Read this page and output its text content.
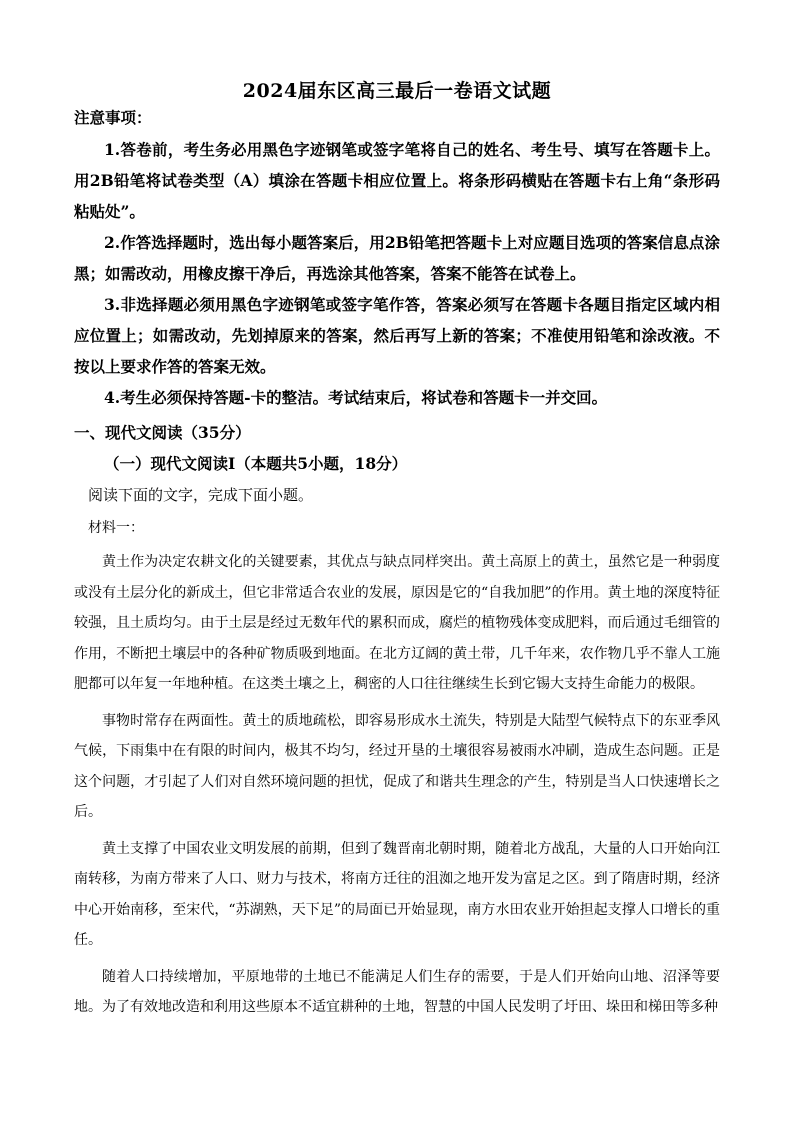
2024届东区高三最后一卷语文试题
注意事项：

1.答卷前，考生务必用黑色字迹钢笔或签字笔将自己的姓名、考生号、填写在答题卡上。用2B铅笔将试卷类型（A）填涂在答题卡相应位置上。将条形码横贴在答题卡右上角“条形码粘贴处”。

2.作答选择题时，选出每小题答案后，用2B铅笔把答题卡上对应题目选项的答案信息点涂黑；如需改动，用橡皮擦干净后，再选涂其他答案，答案不能答在试卷上。

3.非选择题必须用黑色字迹钢笔或签字笔作答，答案必须写在答题卡各题目指定区域内相应位置上；如需改动，先划掉原来的答案，然后再写上新的答案；不准使用铅笔和涂改液。不按以上要求作答的答案无效。

4.考生必须保持答题-卡的整洁。考试结束后，将试卷和答题卡一并交回。

一、现代文阅读（35分）
（一）现代文阅读Ⅰ（本题共5小题，18分）
阅读下面的文字，完成下面小题。
材料一：

黄土作为决定农耕文化的关键要素，其优点与缺点同样突出。黄土高原上的黄土，虽然它是一种弱度或没有土层分化的新成土，但它非常适合农业的发展，原因是它的“自我加肥”的作用。黄土地的深度特征较强，且土质均匀。由于土层是经过无数年代的累积而成，腐烂的植物残体变成肥料，而后通过毛细管的作用，不断把土壤层中的各种矿物质吸到地面。在北方辽阔的黄土带，几千年来，农作物几乎不靠人工施肥都可以年复一年地种植。在这类土壤之上，稠密的人口往往继续生长到它锡大支持生命能力的极限。

事物时常存在两面性。黄土的质地疏松，即容易形成水土流失，特别是大陆型气候特点下的东亚季风气候，下雨集中在有限的时间内，极其不均匀，经过开垦的土壤很容易被雨水冲刷，造成生态问题。正是这个问题，才引起了人们对自然环境问题的担忧，促成了和谐共生理念的产生，特别是当人口快速增长之后。

黄土支撑了中国农业文明发展的前期，但到了魏晋南北朝时期，随着北方战乱，大量的人口开始向江南转移，为南方带来了人口、财力与技术，将南方迁往的沮洳之地开发为富足之区。到了隋唐时期，经济中心开始南移，至宋代，“苏湖熟，天下足”的局面已开始显现，南方水田农业开始担起支撑人口增长的重任。

随着人口持续增加，平原地带的土地已不能满足人们生存的需要，于是人们开始向山地、沼泽等要地。为了有效地改造和利用这些原本不适宜耕种的土地，智慧的中国人民发明了圩田、垛田和梯田等多种
